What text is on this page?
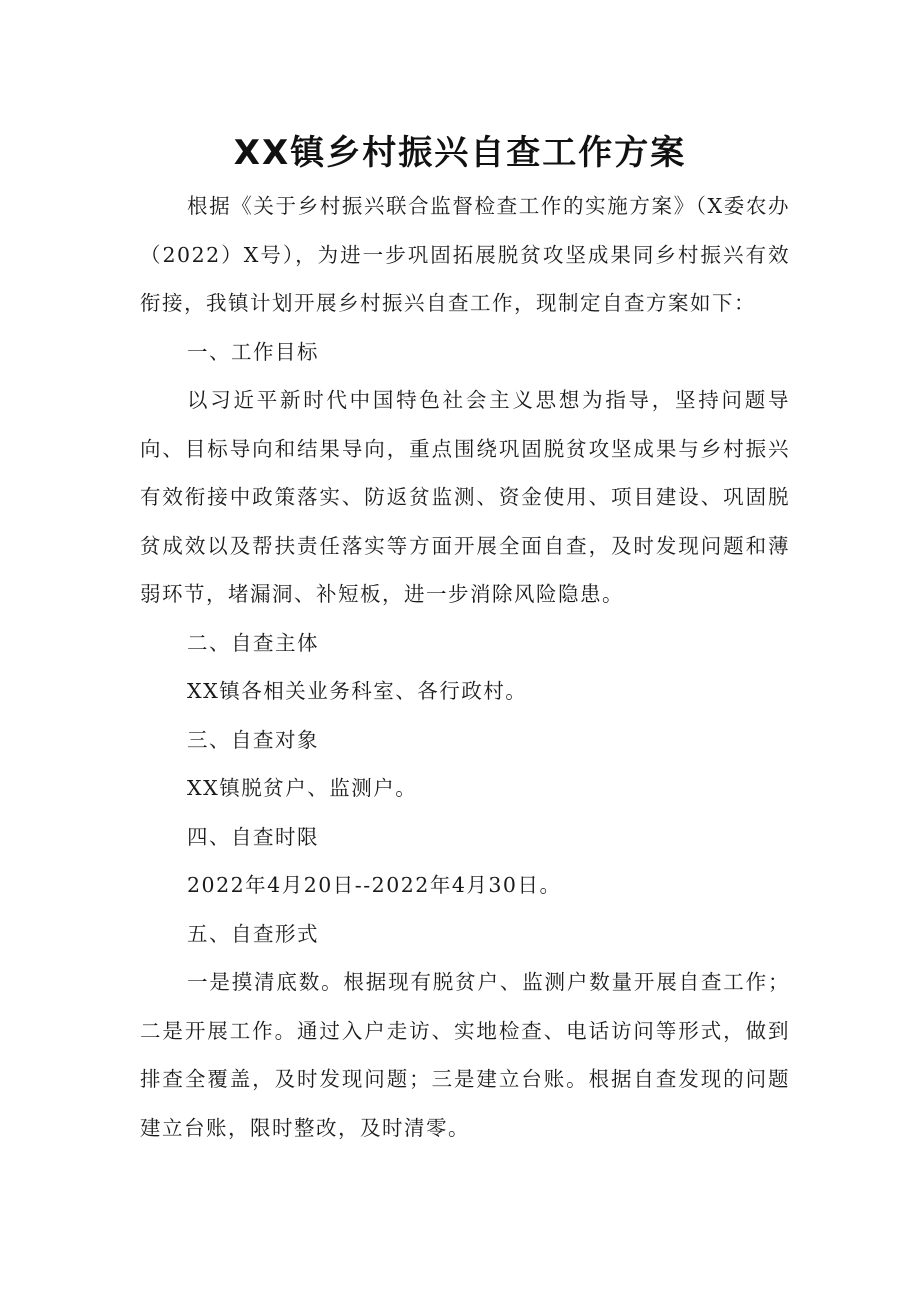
XX镇乡村振兴自查工作方案

根据《关于乡村振兴联合监督检查工作的实施方案》（X委农办（2022）X号），为进一步巩固拓展脱贫攻坚成果同乡村振兴有效衔接，我镇计划开展乡村振兴自查工作，现制定自查方案如下：

一、工作目标

以习近平新时代中国特色社会主义思想为指导，坚持问题导向、目标导向和结果导向，重点围绕巩固脱贫攻坚成果与乡村振兴有效衔接中政策落实、防返贫监测、资金使用、项目建设、巩固脱贫成效以及帮扶责任落实等方面开展全面自查，及时发现问题和薄弱环节，堵漏洞、补短板，进一步消除风险隐患。

二、自查主体

XX镇各相关业务科室、各行政村。

三、自查对象

XX镇脱贫户、监测户。

四、自查时限

2022年4月20日--2022年4月30日。

五、自查形式

一是摸清底数。根据现有脱贫户、监测户数量开展自查工作；二是开展工作。通过入户走访、实地检查、电话访问等形式，做到排查全覆盖，及时发现问题；三是建立台账。根据自查发现的问题建立台账，限时整改，及时清零。
